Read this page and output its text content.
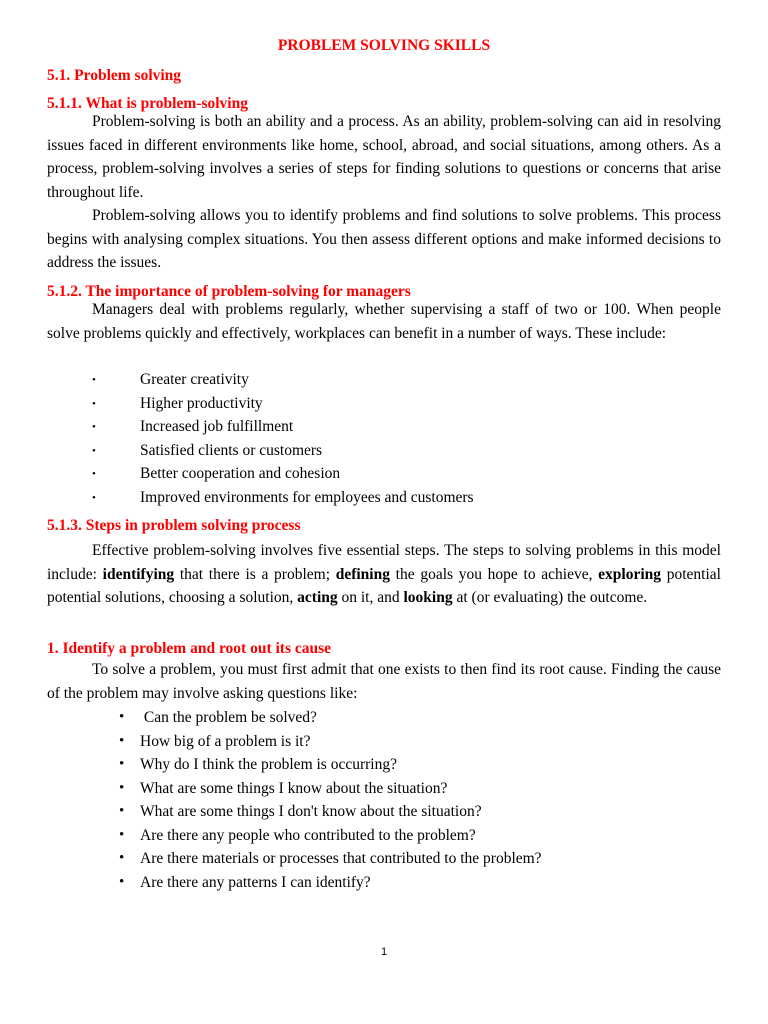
PROBLEM SOLVING SKILLS
5.1. Problem solving
5.1.1. What is problem-solving
Problem-solving is both an ability and a process. As an ability, problem-solving can aid in resolving issues faced in different environments like home, school, abroad, and social situations, among others. As a process, problem-solving involves a series of steps for finding solutions to questions or concerns that arise throughout life.
Problem-solving allows you to identify problems and find solutions to solve problems. This process begins with analysing complex situations. You then assess different options and make informed decisions to address the issues.
5.1.2. The importance of problem-solving for managers
Managers deal with problems regularly, whether supervising a staff of two or 100. When people solve problems quickly and effectively, workplaces can benefit in a number of ways. These include:
• Greater creativity
• Higher productivity
• Increased job fulfillment
• Satisfied clients or customers
• Better cooperation and cohesion
• Improved environments for employees and customers
5.1.3. Steps in problem solving process
Effective problem-solving involves five essential steps. The steps to solving problems in this model include: identifying that there is a problem; defining the goals you hope to achieve, exploring potential potential solutions, choosing a solution, acting on it, and looking at (or evaluating) the outcome.
1. Identify a problem and root out its cause
To solve a problem, you must first admit that one exists to then find its root cause. Finding the cause of the problem may involve asking questions like:
•  Can the problem be solved?
• How big of a problem is it?
• Why do I think the problem is occurring?
• What are some things I know about the situation?
• What are some things I don't know about the situation?
• Are there any people who contributed to the problem?
• Are there materials or processes that contributed to the problem?
• Are there any patterns I can identify?
1
